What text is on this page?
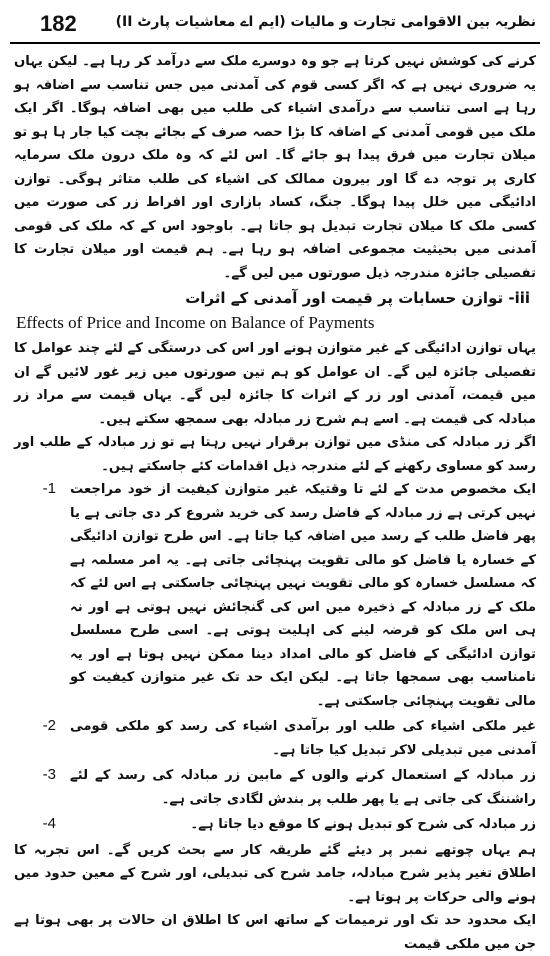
182	نظریہ بین الاقوامی تجارت و مالیات (ایم اے معاشیات پارٹ II)

کرنے کی کوشش نہیں کرتا ہے جو وہ دوسرے ملک سے درآمد کر رہا ہے۔ لیکن یہاں یہ ضروری نہیں ہے کہ اگر کسی قوم کی آمدنی میں جس تناسب سے اضافہ ہو رہا ہے اسی تناسب سے درآمدی اشیاء کی طلب میں بھی اضافہ ہوگا۔ اگر ایک ملک میں قومی آمدنی کے اضافہ کا بڑا حصہ صرف کے بجائے بچت کیا جار ہا ہو تو میلان تجارت میں فرق پیدا ہو جائے گا۔ اس لئے کہ وہ ملک درون ملک سرمایہ کاری پر توجہ دے گا اور بیرون ممالک کی اشیاء کی طلب متاثر ہوگی۔ توازن ادائیگی میں خلل پیدا ہوگا۔ جنگ، کساد بازاری اور افراط زر کی صورت میں کسی ملک کا میلان تجارت تبدیل ہو جاتا ہے۔ باوجود اس کے کہ ملک کی قومی آمدنی میں بحیثیت مجموعی اضافہ ہو رہا ہے۔ ہم قیمت اور میلان تجارت کا تفصیلی جائزہ مندرجہ ذیل صورتوں میں لیں گے۔

iii- توازن حسابات پر قیمت اور آمدنی کے اثرات
Effects of Price and Income on Balance of Payments

یہاں توازن ادائیگی کے غیر متوازن ہونے اور اس کی درستگی کے لئے چند عوامل کا تفصیلی جائزہ لیں گے۔ ان عوامل کو ہم تین صورتوں میں زیر غور لائیں گے ان میں قیمت، آمدنی اور زر کے اثرات کا جائزہ لیں گے۔ یہاں قیمت سے مراد زر مبادلہ کی قیمت ہے۔ اسے ہم شرح زر مبادلہ بھی سمجھ سکتے ہیں۔

اگر زر مبادلہ کی منڈی میں توازن برقرار نہیں رہتا ہے تو زر مبادلہ کے طلب اور رسد کو مساوی رکھنے کے لئے مندرجہ ذیل اقدامات کئے جاسکتے ہیں۔

ایک مخصوص مدت کے لئے تا وقتیکہ غیر متوازن کیفیت از خود مراجعت نہیں کرتی ہے زر مبادلہ کے فاضل رسد کی خرید شروع کر دی جاتی ہے یا پھر فاضل طلب کے رسد میں اضافہ کیا جاتا ہے۔ اس طرح توازن ادائیگی کے خسارہ یا فاضل کو مالی تقویت پہنچائی جاتی ہے۔ یہ امر مسلمہ ہے کہ مسلسل خسارہ کو مالی تقویت نہیں پہنچائی جاسکتی ہے اس لئے کہ ملک کے زر مبادلہ کے ذخیرہ میں اس کی گنجائش نہیں ہوتی ہے اور نہ ہی اس ملک کو قرضہ لینے کی اہلیت ہوتی ہے۔ اسی طرح مسلسل توازن ادائیگی کے فاضل کو مالی امداد دینا ممکن نہیں ہوتا ہے اور یہ نامناسب بھی سمجھا جاتا ہے۔ لیکن ایک حد تک غیر متوازن کیفیت کو مالی تقویت پہنچائی جاسکتی ہے۔
-1
غیر ملکی اشیاء کی طلب اور برآمدی اشیاء کی رسد کو ملکی قومی آمدنی میں تبدیلی لاکر تبدیل کیا جاتا ہے۔
-2
زر مبادلہ کے استعمال کرنے والوں کے مابین زر مبادلہ کی رسد کے لئے راشننگ کی جاتی ہے یا پھر طلب پر بندش لگادی جاتی ہے۔
-3
زر مبادلہ کی شرح کو تبدیل ہونے کا موقع دیا جاتا ہے۔
-4

ہم یہاں چوتھے نمبر پر دیئے گئے طریقہ کار سے بحث کریں گے۔ اس تجربہ کا اطلاق تغیر پذیر شرح مبادلہ، جامد شرح کی تبدیلی، اور شرح کے معین حدود میں ہونے والی حرکات پر ہوتا ہے۔

ایک محدود حد تک اور ترمیمات کے ساتھ اس کا اطلاق ان حالات پر بھی ہوتا ہے جن میں ملکی قیمت
